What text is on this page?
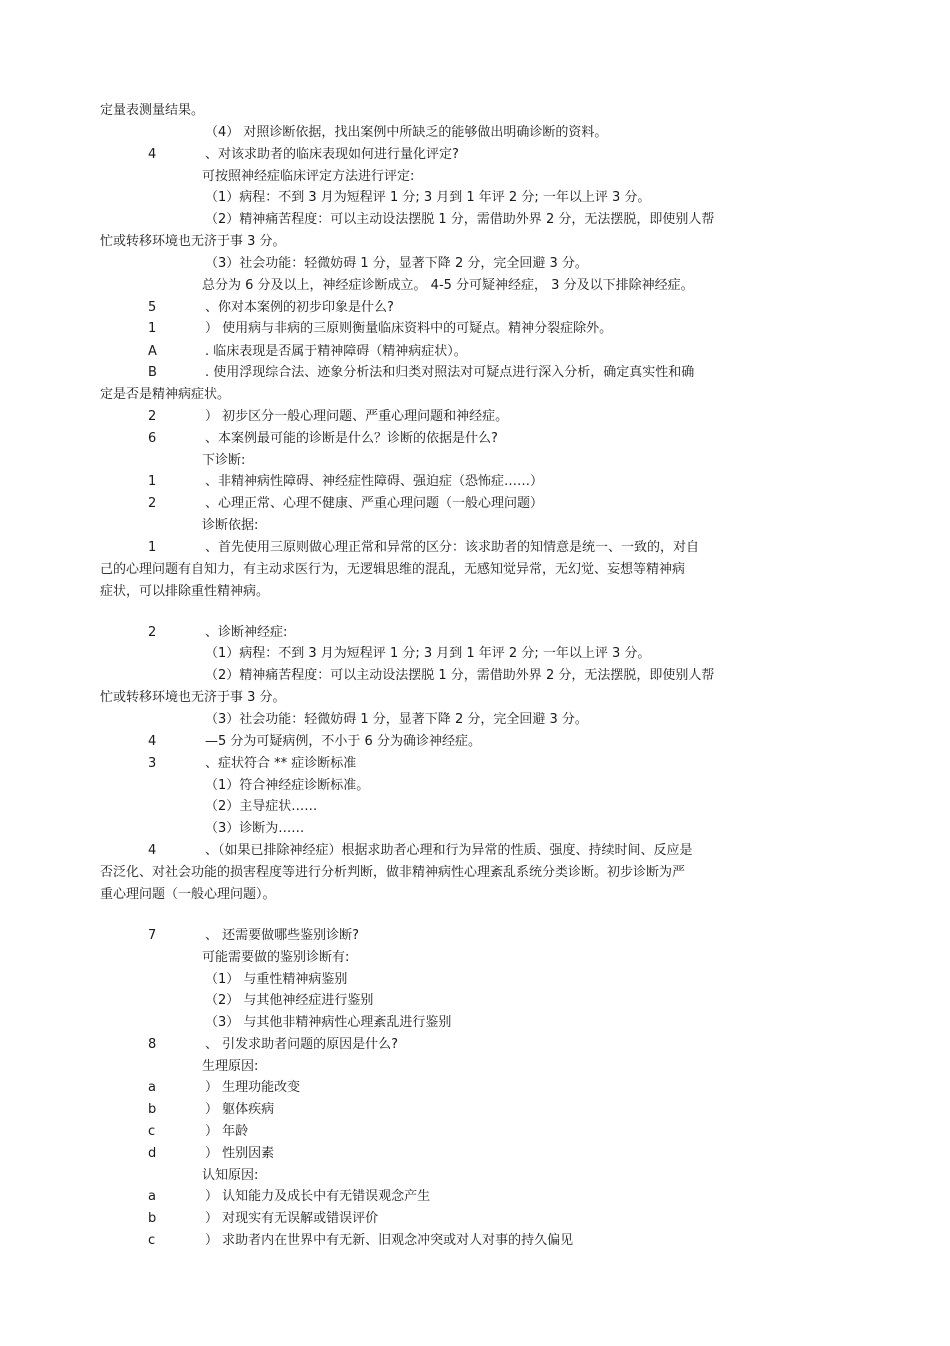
定量表测量结果。
（4） 对照诊断依据，找出案例中所缺乏的能够做出明确诊断的资料。
4	、对该求助者的临床表现如何进行量化评定?
可按照神经症临床评定方法进行评定:
（1）病程：不到 3 月为短程评 1 分; 3 月到 1 年评 2 分; 一年以上评 3 分。
（2）精神痛苦程度：可以主动设法摆脱 1 分，需借助外界 2 分，无法摆脱，即使别人帮
忙或转移环境也无济于事 3 分。
（3）社会功能：轻微妨碍 1 分，显著下降 2 分，完全回避 3 分。
总分为 6 分及以上，神经症诊断成立。 4-5 分可疑神经症， 3 分及以下排除神经症。
5	、你对本案例的初步印象是什么?
1	） 使用病与非病的三原则衡量临床资料中的可疑点。精神分裂症除外。
A	. 临床表现是否属于精神障碍（精神病症状）。
B	. 使用浮现综合法、迹象分析法和归类对照法对可疑点进行深入分析，确定真实性和确
定是否是精神病症状。
2	） 初步区分一般心理问题、严重心理问题和神经症。
6	、本案例最可能的诊断是什么？诊断的依据是什么?
下诊断:
1	、非精神病性障碍、神经症性障碍、强迫症（恐怖症……）
2	、心理正常、心理不健康、严重心理问题（一般心理问题）
诊断依据:
1	、首先使用三原则做心理正常和异常的区分：该求助者的知情意是统一、一致的，对自
己的心理问题有自知力，有主动求医行为，无逻辑思维的混乱，无感知觉异常，无幻觉、妄想等精神病
症状，可以排除重性精神病。
2	、诊断神经症:
（1）病程：不到 3 月为短程评 1 分; 3 月到 1 年评 2 分; 一年以上评 3 分。
（2）精神痛苦程度：可以主动设法摆脱 1 分，需借助外界 2 分，无法摆脱，即使别人帮
忙或转移环境也无济于事 3 分。
（3）社会功能：轻微妨碍 1 分，显著下降 2 分，完全回避 3 分。
4	—5 分为可疑病例，不小于 6 分为确诊神经症。
3	、症状符合 ** 症诊断标准
（1）符合神经症诊断标准。
（2）主导症状……
（3）诊断为……
4	、（如果已排除神经症）根据求助者心理和行为异常的性质、强度、持续时间、反应是
否泛化、对社会功能的损害程度等进行分析判断，做非精神病性心理紊乱系统分类诊断。初步诊断为严
重心理问题（一般心理问题）。
7	、 还需要做哪些鉴别诊断?
可能需要做的鉴别诊断有:
（1） 与重性精神病鉴别
（2） 与其他神经症进行鉴别
（3） 与其他非精神病性心理紊乱进行鉴别
8	、 引发求助者问题的原因是什么?
生理原因:
a	） 生理功能改变
b	） 躯体疾病
c	） 年龄
d	） 性别因素
认知原因:
a	） 认知能力及成长中有无错误观念产生
b	） 对现实有无误解或错误评价
c	） 求助者内在世界中有无新、旧观念冲突或对人对事的持久偏见
